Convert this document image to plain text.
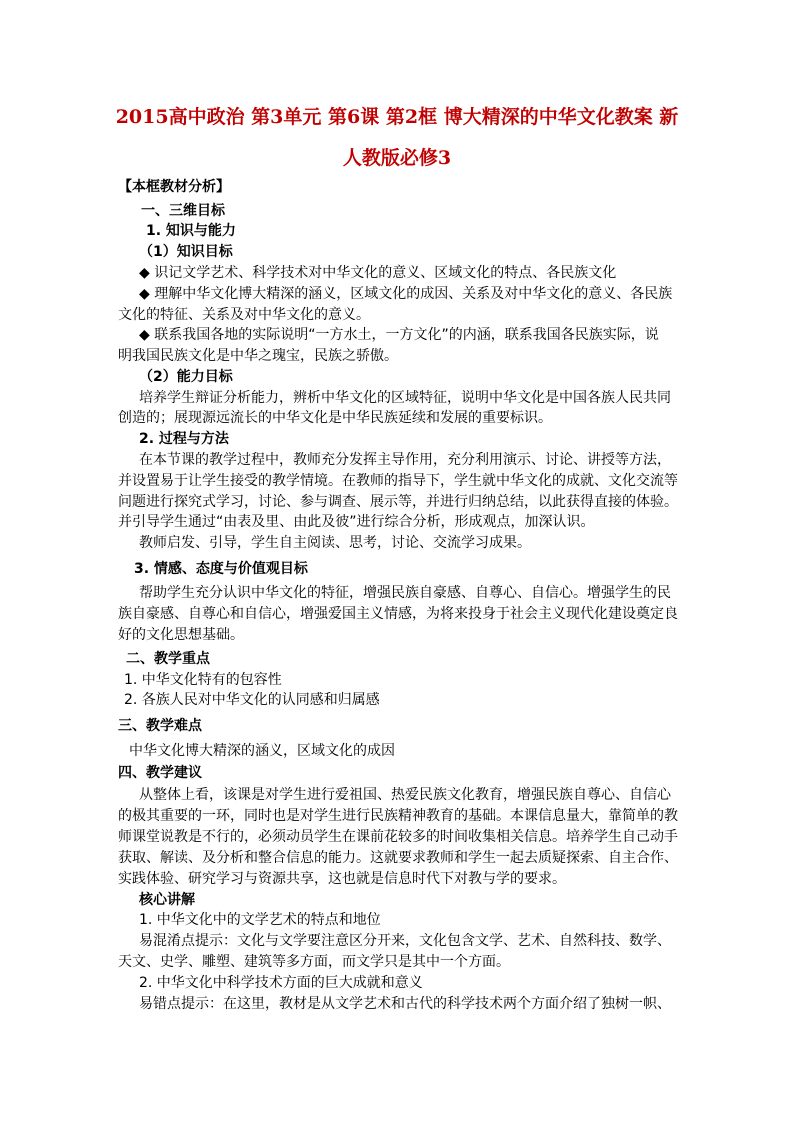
2015高中政治 第3单元 第6课 第2框 博大精深的中华文化教案 新
人教版必修3
【本框教材分析】
一、三维目标
1. 知识与能力
（1）知识目标
◆ 识记文学艺术、科学技术对中华文化的意义、区域文化的特点、各民族文化
◆ 理解中华文化博大精深的涵义，区域文化的成因、关系及对中华文化的意义、各民族
文化的特征、关系及对中华文化的意义。
◆ 联系我国各地的实际说明“一方水土，一方文化”的内涵，联系我国各民族实际，说
明我国民族文化是中华之瑰宝，民族之骄傲。
（2）能力目标
培养学生辩证分析能力，辨析中华文化的区域特征，说明中华文化是中国各族人民共同
创造的；展现源远流长的中华文化是中华民族延续和发展的重要标识。
2. 过程与方法
在本节课的教学过程中，教师充分发挥主导作用，充分利用演示、讨论、讲授等方法，
并设置易于让学生接受的教学情境。在教师的指导下，学生就中华文化的成就、文化交流等
问题进行探究式学习，讨论、参与调查、展示等，并进行归纳总结，以此获得直接的体验。
并引导学生通过“由表及里、由此及彼”进行综合分析，形成观点，加深认识。
教师启发、引导，学生自主阅读、思考，讨论、交流学习成果。
3. 情感、态度与价值观目标
帮助学生充分认识中华文化的特征，增强民族自豪感、自尊心、自信心。增强学生的民
族自豪感、自尊心和自信心，增强爱国主义情感，为将来投身于社会主义现代化建设奠定良
好的文化思想基础。
二、教学重点
1. 中华文化特有的包容性
2. 各族人民对中华文化的认同感和归属感
三、教学难点
中华文化博大精深的涵义，区域文化的成因
四、教学建议
从整体上看，该课是对学生进行爱祖国、热爱民族文化教育，增强民族自尊心、自信心
的极其重要的一环，同时也是对学生进行民族精神教育的基础。本课信息量大，靠简单的教
师课堂说教是不行的，必须动员学生在课前花较多的时间收集相关信息。培养学生自己动手
获取、解读、及分析和整合信息的能力。这就要求教师和学生一起去质疑探索、自主合作、
实践体验、研究学习与资源共享，这也就是信息时代下对教与学的要求。
核心讲解
1. 中华文化中的文学艺术的特点和地位
易混淆点提示：文化与文学要注意区分开来，文化包含文学、艺术、自然科技、数学、
天文、史学、雕塑、建筑等多方面，而文学只是其中一个方面。
2. 中华文化中科学技术方面的巨大成就和意义
易错点提示：在这里，教材是从文学艺术和古代的科学技术两个方面介绍了独树一帜、
